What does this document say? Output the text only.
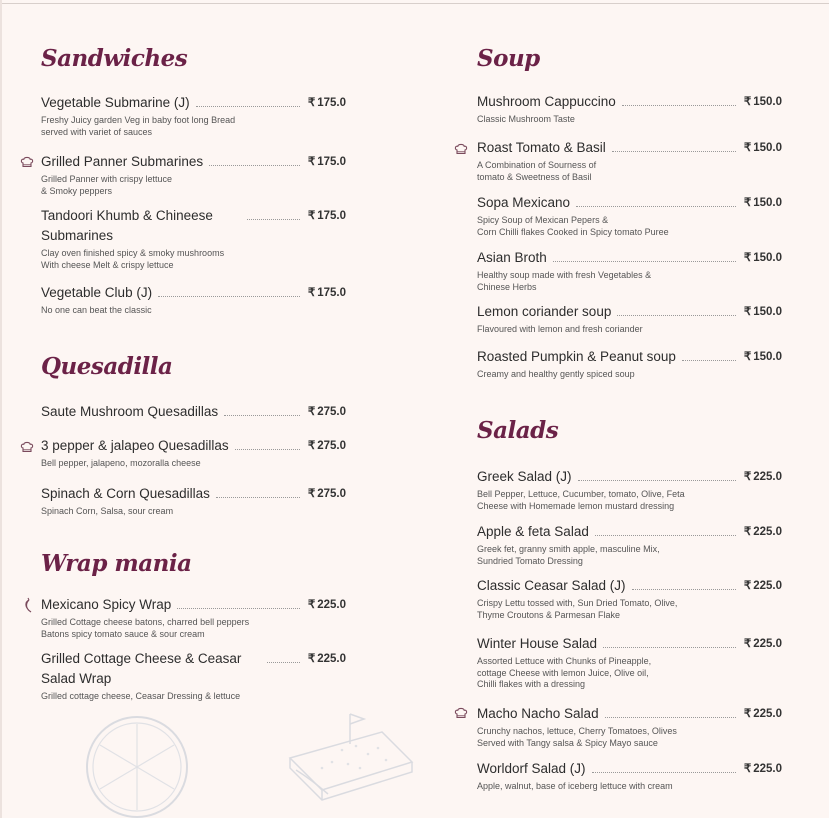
Sandwiches
Vegetable Submarine (J)	₹ 175.0
Freshy Juicy garden Veg in baby foot long Bread
served with variet of sauces
Grilled Panner Submarines	₹ 175.0
Grilled Panner with crispy lettuce
& Smoky peppers
Tandoori Khumb & Chineese Submarines
₹ 175.0
Clay oven finished spicy & smoky mushrooms
With cheese Melt & crispy lettuce
Vegetable Club (J)	₹ 175.0
No one can beat the classic
Quesadilla
Saute Mushroom Quesadillas	₹ 275.0
3 pepper & jalapeo Quesadillas	₹ 275.0
Bell pepper, jalapeno, mozoralla cheese
Spinach & Corn Quesadillas	₹ 275.0
Spinach Corn, Salsa, sour cream
Wrap mania
Mexicano Spicy Wrap	₹ 225.0
Grilled Cottage cheese batons, charred bell peppers
Batons spicy tomato sauce & sour cream
Grilled Cottage Cheese & Ceasar Salad Wrap
₹ 225.0
Grilled cottage cheese, Ceasar Dressing & lettuce
Soup
Mushroom Cappuccino	₹ 150.0
Classic Mushroom Taste
Roast Tomato & Basil	₹ 150.0
A Combination of Sourness of
tomato & Sweetness of Basil
Sopa Mexicano	₹ 150.0
Spicy Soup of Mexican Pepers &
Corn Chilli flakes Cooked in Spicy tomato Puree
Asian Broth	₹ 150.0
Healthy soup made with fresh Vegetables &
Chinese Herbs
Lemon coriander soup	₹ 150.0
Flavoured with lemon and fresh coriander
Roasted Pumpkin & Peanut soup	₹ 150.0
Creamy and healthy gently spiced soup
Salads
Greek Salad (J)	₹ 225.0
Bell Pepper, Lettuce, Cucumber, tomato, Olive, Feta
Cheese with Homemade lemon mustard dressing
Apple & feta Salad	₹ 225.0
Greek fet, granny smith apple, masculine Mix,
Sundried Tomato Dressing
Classic Ceasar Salad (J)	₹ 225.0
Crispy Lettu tossed with, Sun Dried Tomato, Olive,
Thyme Croutons & Parmesan Flake
Winter House Salad	₹ 225.0
Assorted Lettuce with Chunks of Pineapple,
cottage Cheese with lemon Juice, Olive oil,
Chilli flakes with a dressing
Macho Nacho Salad	₹ 225.0
Crunchy nachos, lettuce, Cherry Tomatoes, Olives
Served with Tangy salsa & Spicy Mayo sauce
Worldorf Salad (J)	₹ 225.0
Apple, walnut, base of iceberg lettuce with cream
